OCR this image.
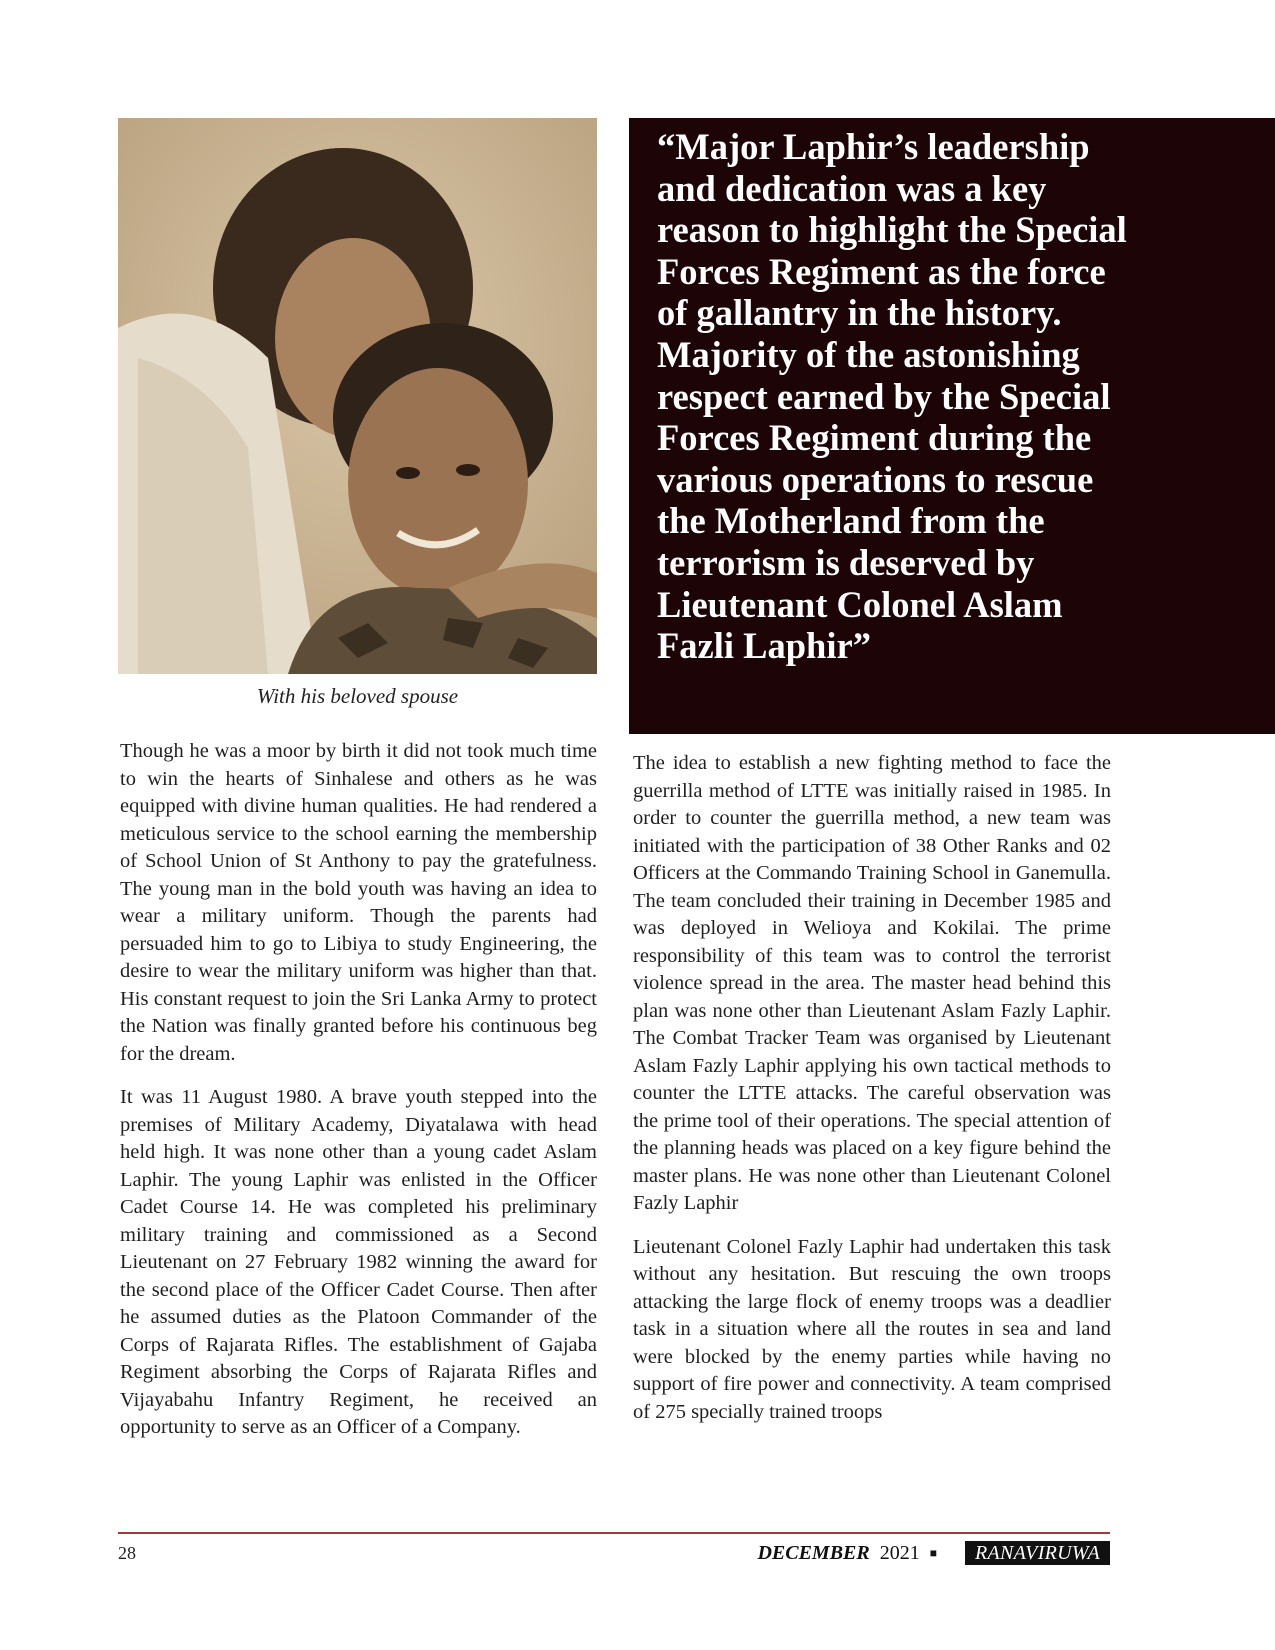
With his beloved spouse
“Major Laphir’s leadership and dedication was a key reason to highlight the Special Forces Regiment as the force of gallantry in the history. Majority of the astonishing respect earned by the Special Forces Regiment during the various operations to rescue the Motherland from the terrorism is deserved by Lieutenant Colonel Aslam Fazli Laphir”

Though he was a moor by birth it did not took much time to win the hearts of Sinhalese and others as he was equipped with divine human qualities. He had rendered a meticulous service to the school earning the membership of School Union of St Anthony to pay the gratefulness. The young man in the bold youth was having an idea to wear a military uniform. Though the parents had persuaded him to go to Libiya to study Engineering, the desire to wear the military uniform was higher than that. His constant request to join the Sri Lanka Army to protect the Nation was finally granted before his continuous beg for the dream.

It was 11 August 1980. A brave youth stepped into the premises of Military Academy, Diyatalawa with head held high. It was none other than a young cadet Aslam Laphir. The young Laphir was enlisted in the Officer Cadet Course 14. He was completed his preliminary military training and commissioned as a Second Lieutenant on 27 February 1982 winning the award for the second place of the Officer Cadet Course. Then after he assumed duties as the Platoon Commander of the Corps of Rajarata Rifles. The establishment of Gajaba Regiment absorbing the Corps of Rajarata Rifles and Vijayabahu Infantry Regiment, he received an opportunity to serve as an Officer of a Company.

The idea to establish a new fighting method to face the guerrilla method of LTTE was initially raised in 1985. In order to counter the guerrilla method, a new team was initiated with the participation of 38 Other Ranks and 02 Officers at the Commando Training School in Ganemulla. The team concluded their training in December 1985 and was deployed in Welioya and Kokilai. The prime responsibility of this team was to control the terrorist violence spread in the area. The master head behind this plan was none other than Lieutenant Aslam Fazly Laphir. The Combat Tracker Team was organised by Lieutenant Aslam Fazly Laphir applying his own tactical methods to counter the LTTE attacks. The careful observation was the prime tool of their operations. The special attention of the planning heads was placed on a key figure behind the master plans. He was none other than Lieutenant Colonel Fazly Laphir

Lieutenant Colonel Fazly Laphir had undertaken this task without any hesitation. But rescuing the own troops attacking the large flock of enemy troops was a deadlier task in a situation where all the routes in sea and land were blocked by the enemy parties while having no support of fire power and connectivity. A team comprised of 275 specially trained troops

28	DECEMBER 2021 ■	RANAVIRUWA
